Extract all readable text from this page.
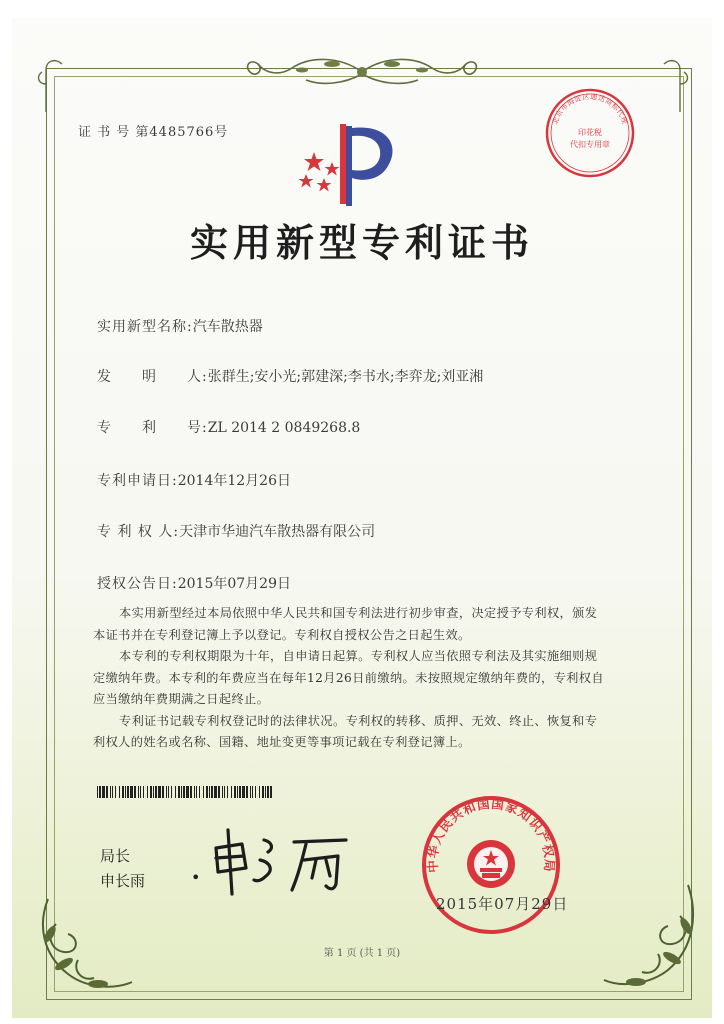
证 书 号 第4485766号
北京市海淀区通达商标代理
印花税
代扣专用章
实用新型专利证书
实用新型名称:汽车散热器
发　　明　　人:张群生;安小光;郭建深;李书水;李弈龙;刘亚湘
专　　利　　号:ZL 2014 2 0849268.8
专利申请日:2014年12月26日
专 利 权 人:天津市华迪汽车散热器有限公司
授权公告日:2015年07月29日

本实用新型经过本局依照中华人民共和国专利法进行初步审查，决定授予专利权，颁发本证书并在专利登记簿上予以登记。专利权自授权公告之日起生效。

本专利的专利权期限为十年，自申请日起算。专利权人应当依照专利法及其实施细则规定缴纳年费。本专利的年费应当在每年12月26日前缴纳。未按照规定缴纳年费的，专利权自应当缴纳年费期满之日起终止。

专利证书记载专利权登记时的法律状况。专利权的转移、质押、无效、终止、恢复和专利权人的姓名或名称、国籍、地址变更等事项记载在专利登记簿上。

局长
申长雨	•
中华人民共和国国家知识产权局
2015年07月29日
第 1 页 (共 1 页)
